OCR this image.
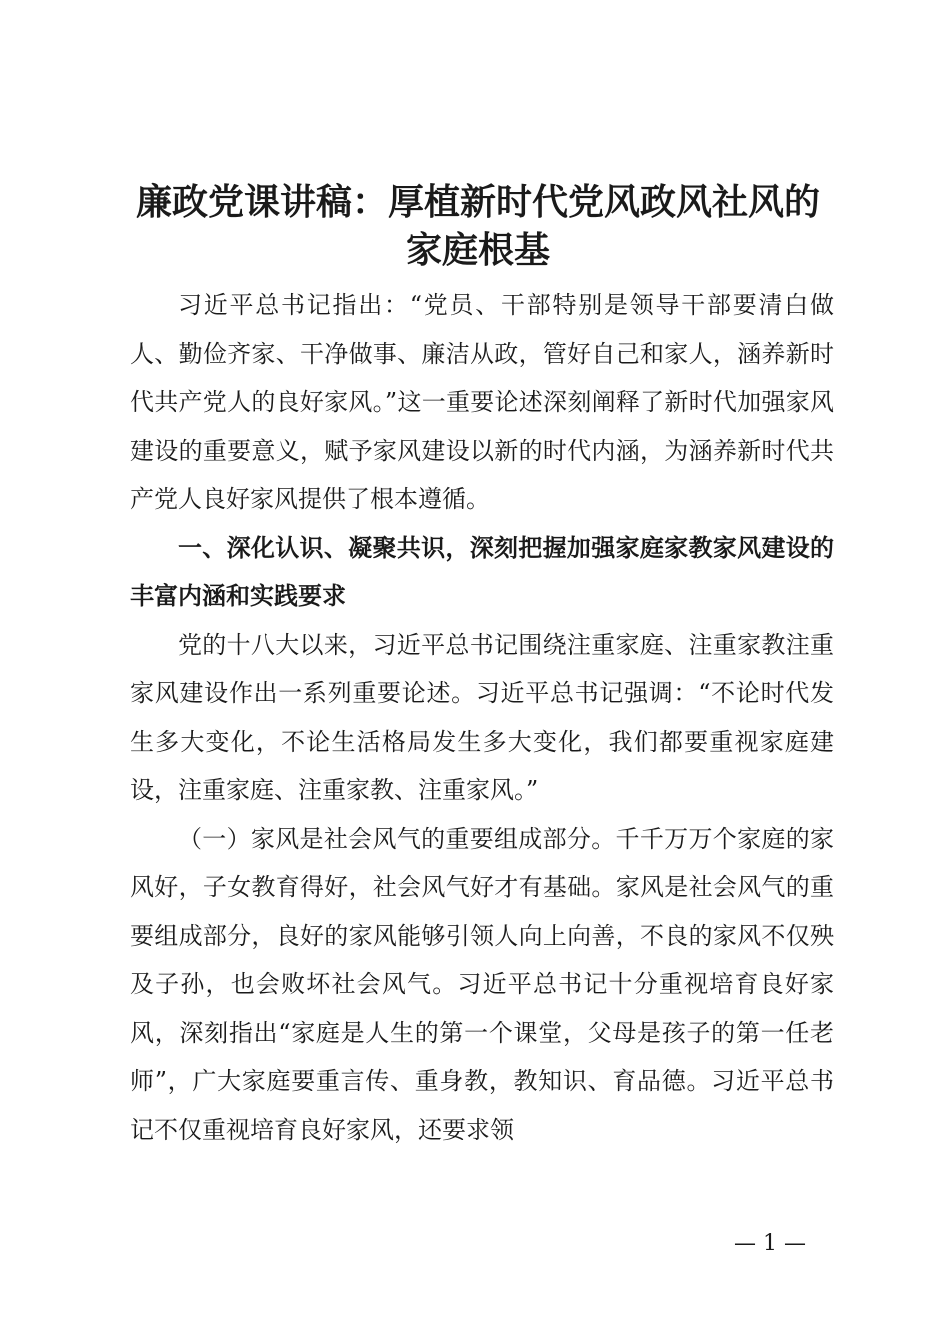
廉政党课讲稿：厚植新时代党风政风社风的家庭根基

习近平总书记指出：“党员、干部特别是领导干部要清白做人、勤俭齐家、干净做事、廉洁从政，管好自己和家人，涵养新时代共产党人的良好家风。”这一重要论述深刻阐释了新时代加强家风建设的重要意义，赋予家风建设以新的时代内涵，为涵养新时代共产党人良好家风提供了根本遵循。

一、深化认识、凝聚共识，深刻把握加强家庭家教家风建设的丰富内涵和实践要求

党的十八大以来，习近平总书记围绕注重家庭、注重家教注重家风建设作出一系列重要论述。习近平总书记强调：“不论时代发生多大变化，不论生活格局发生多大变化，我们都要重视家庭建设，注重家庭、注重家教、注重家风。”

（一）家风是社会风气的重要组成部分。千千万万个家庭的家风好，子女教育得好，社会风气好才有基础。家风是社会风气的重要组成部分，良好的家风能够引领人向上向善，不良的家风不仅殃及子孙，也会败坏社会风气。习近平总书记十分重视培育良好家风，深刻指出“家庭是人生的第一个课堂，父母是孩子的第一任老师”，广大家庭要重言传、重身教，教知识、育品德。习近平总书记不仅重视培育良好家风，还要求领

— 1 —
